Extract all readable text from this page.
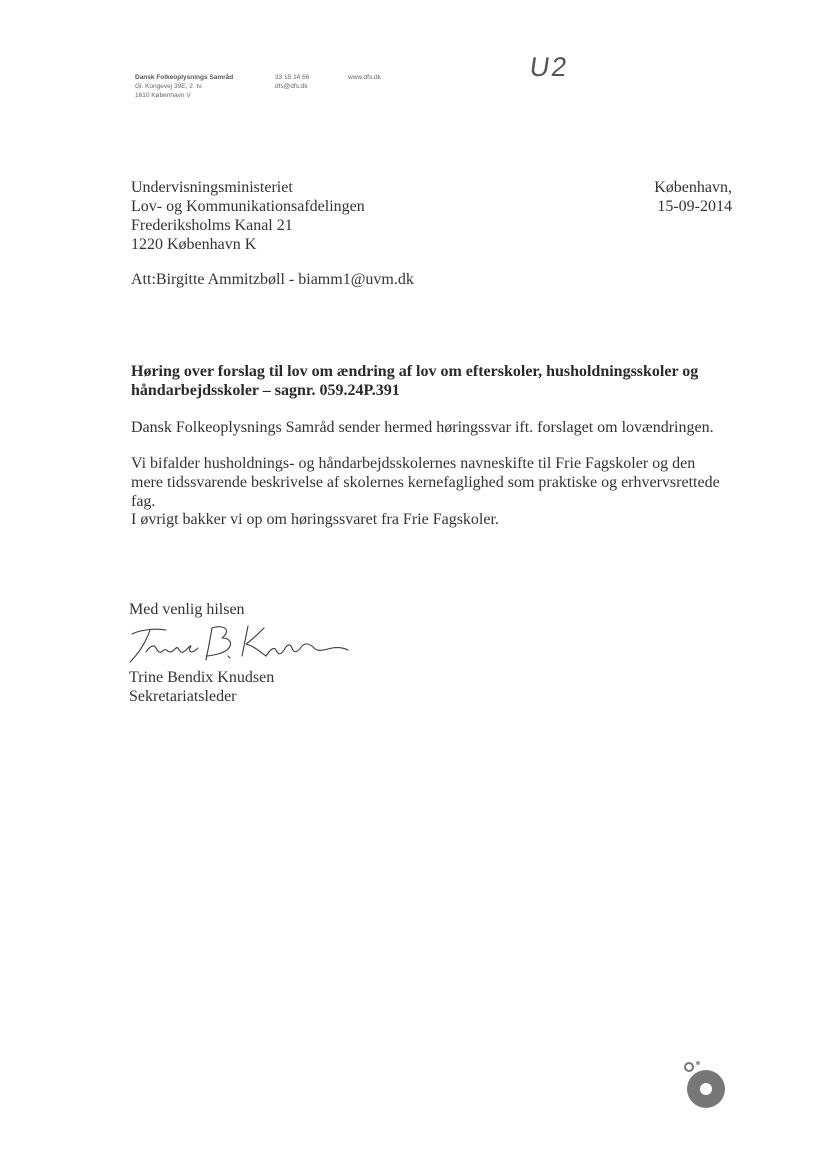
Dansk Folkeoplysnings Samråd
Gl. Kongevej 39E, 2. tv.
1610 København V
33 15 14 66
dfs@dfs.dk
www.dfs.dk	U2
Undervisningsministeriet
Lov- og Kommunikationsafdelingen
Frederiksholms Kanal 21
1220 København K
København,
15-09-2014
Att:Birgitte Ammitzbøll - biamm1@uvm.dk
Høring over forslag til lov om ændring af lov om efterskoler, husholdningsskoler og håndarbejdsskoler – sagnr. 059.24P.391
Dansk Folkeoplysnings Samråd sender hermed høringssvar ift. forslaget om lovændringen.
Vi bifalder husholdnings- og håndarbejdsskolernes navneskifte til Frie Fagskoler og den mere tidssvarende beskrivelse af skolernes kernefaglighed som praktiske og erhvervsrettede fag.
I øvrigt bakker vi op om høringssvaret fra Frie Fagskoler.
Med venlig hilsen
Trine Bendix Knudsen
Sekretariatsleder
